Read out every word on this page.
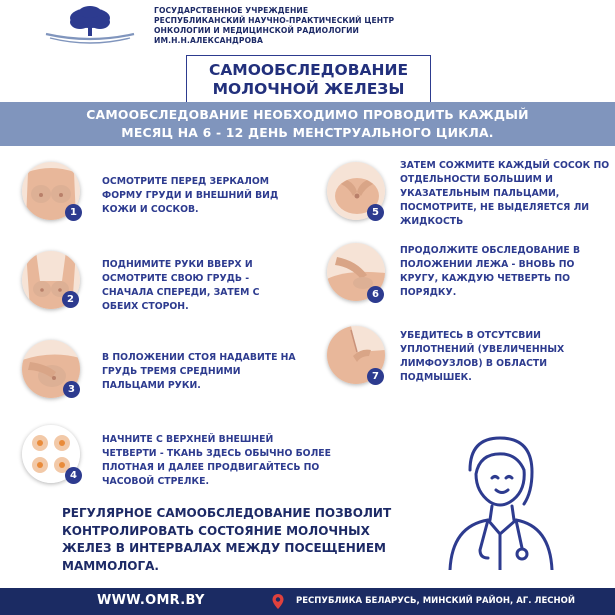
ГОСУДАРСТВЕННОЕ УЧРЕЖДЕНИЕ
РЕСПУБЛИКАНСКИЙ НАУЧНО-ПРАКТИЧЕСКИЙ ЦЕНТР
ОНКОЛОГИИ И МЕДИЦИНСКОЙ РАДИОЛОГИИ
ИМ.Н.Н.АЛЕКСАНДРОВА
САМООБСЛЕДОВАНИЕ
МОЛОЧНОЙ ЖЕЛЕЗЫ
САМООБСЛЕДОВАНИЕ НЕОБХОДИМО ПРОВОДИТЬ КАЖДЫЙ
МЕСЯЦ НА 6 - 12 ДЕНЬ МЕНСТРУАЛЬНОГО ЦИКЛА.
1
ОСМОТРИТЕ ПЕРЕД ЗЕРКАЛОМ
ФОРМУ ГРУДИ И ВНЕШНИЙ ВИД
КОЖИ И СОСКОВ.
2
ПОДНИМИТЕ РУКИ ВВЕРХ И
ОСМОТРИТЕ СВОЮ ГРУДЬ -
СНАЧАЛА СПЕРЕДИ, ЗАТЕМ С
ОБЕИХ СТОРОН.
3
В ПОЛОЖЕНИИ СТОЯ НАДАВИТЕ НА
ГРУДЬ ТРЕМЯ СРЕДНИМИ
ПАЛЬЦАМИ РУКИ.
4
НАЧНИТЕ С ВЕРХНЕЙ ВНЕШНЕЙ
ЧЕТВЕРТИ - ТКАНЬ ЗДЕСЬ ОБЫЧНО БОЛЕЕ
ПЛОТНАЯ И ДАЛЕЕ ПРОДВИГАЙТЕСЬ ПО
ЧАСОВОЙ СТРЕЛКЕ.
5
ЗАТЕМ СОЖМИТЕ КАЖДЫЙ СОСОК ПО
ОТДЕЛЬНОСТИ БОЛЬШИМ И
УКАЗАТЕЛЬНЫМ ПАЛЬЦАМИ,
ПОСМОТРИТЕ, НЕ ВЫДЕЛЯЕТСЯ ЛИ
ЖИДКОСТЬ
6
ПРОДОЛЖИТЕ ОБСЛЕДОВАНИЕ В
ПОЛОЖЕНИИ ЛЕЖА - ВНОВЬ ПО
КРУГУ, КАЖДУЮ ЧЕТВЕРТЬ ПО
ПОРЯДКУ.
7
УБЕДИТЕСЬ В ОТСУТСВИИ
УПЛОТНЕНИЙ (УВЕЛИЧЕННЫХ
ЛИМФОУЗЛОВ) В ОБЛАСТИ
ПОДМЫШЕК.
РЕГУЛЯРНОЕ САМООБСЛЕДОВАНИЕ ПОЗВОЛИТ
КОНТРОЛИРОВАТЬ СОСТОЯНИЕ МОЛОЧНЫХ
ЖЕЛЕЗ В ИНТЕРВАЛАХ МЕЖДУ ПОСЕЩЕНИЕМ
МАММОЛОГА.
WWW.OMR.BY	РЕСПУБЛИКА БЕЛАРУСЬ, МИНСКИЙ РАЙОН, АГ. ЛЕСНОЙ
